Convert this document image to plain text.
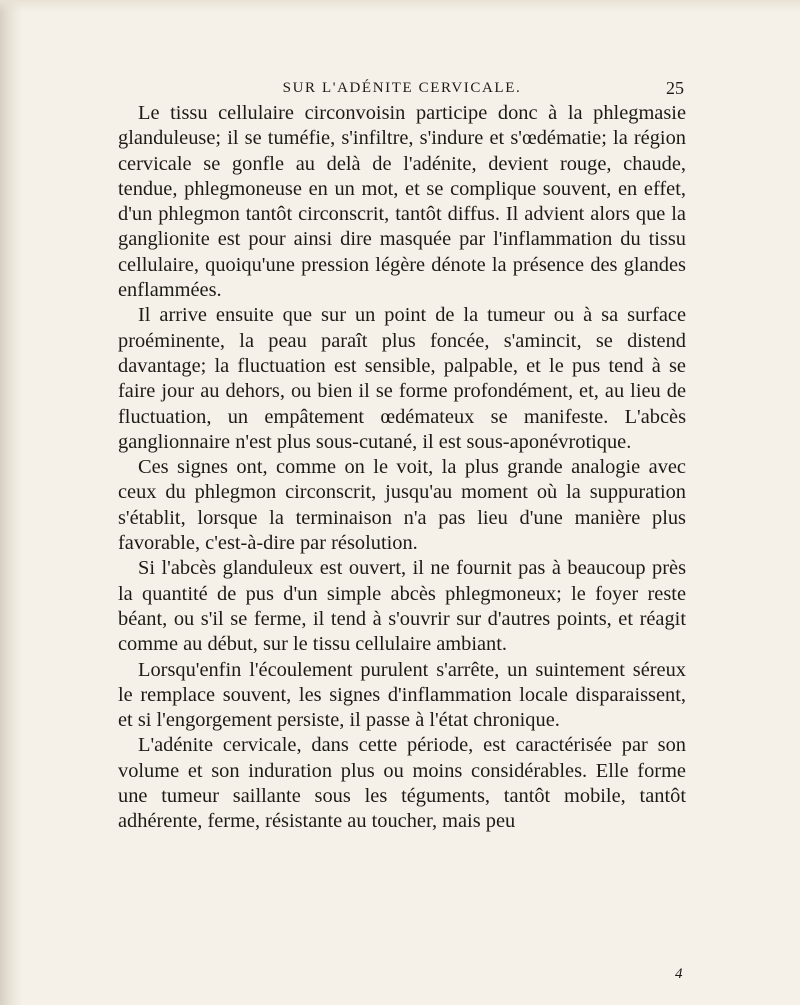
SUR L'ADÉNITE CERVICALE.	25

Le tissu cellulaire circonvoisin participe donc à la phlegmasie glanduleuse; il se tuméfie, s'infiltre, s'indure et s'œdématie; la région cervicale se gonfle au delà de l'adénite, devient rouge, chaude, tendue, phlegmoneuse en un mot, et se complique souvent, en effet, d'un phlegmon tantôt circonscrit, tantôt diffus. Il advient alors que la ganglionite est pour ainsi dire masquée par l'inflammation du tissu cellulaire, quoiqu'une pression légère dénote la présence des glandes enflammées.

Il arrive ensuite que sur un point de la tumeur ou à sa surface proéminente, la peau paraît plus foncée, s'amincit, se distend davantage; la fluctuation est sensible, palpable, et le pus tend à se faire jour au dehors, ou bien il se forme profondément, et, au lieu de fluctuation, un empâtement œdémateux se manifeste. L'abcès ganglionnaire n'est plus sous-cutané, il est sous-aponévrotique.

Ces signes ont, comme on le voit, la plus grande analogie avec ceux du phlegmon circonscrit, jusqu'au moment où la suppuration s'établit, lorsque la terminaison n'a pas lieu d'une manière plus favorable, c'est-à-dire par résolution.

Si l'abcès glanduleux est ouvert, il ne fournit pas à beaucoup près la quantité de pus d'un simple abcès phlegmoneux; le foyer reste béant, ou s'il se ferme, il tend à s'ouvrir sur d'autres points, et réagit comme au début, sur le tissu cellulaire ambiant.

Lorsqu'enfin l'écoulement purulent s'arrête, un suintement séreux le remplace souvent, les signes d'inflammation locale disparaissent, et si l'engorgement persiste, il passe à l'état chronique.

L'adénite cervicale, dans cette période, est caractérisée par son volume et son induration plus ou moins considérables. Elle forme une tumeur saillante sous les téguments, tantôt mobile, tantôt adhérente, ferme, résistante au toucher, mais peu

4
